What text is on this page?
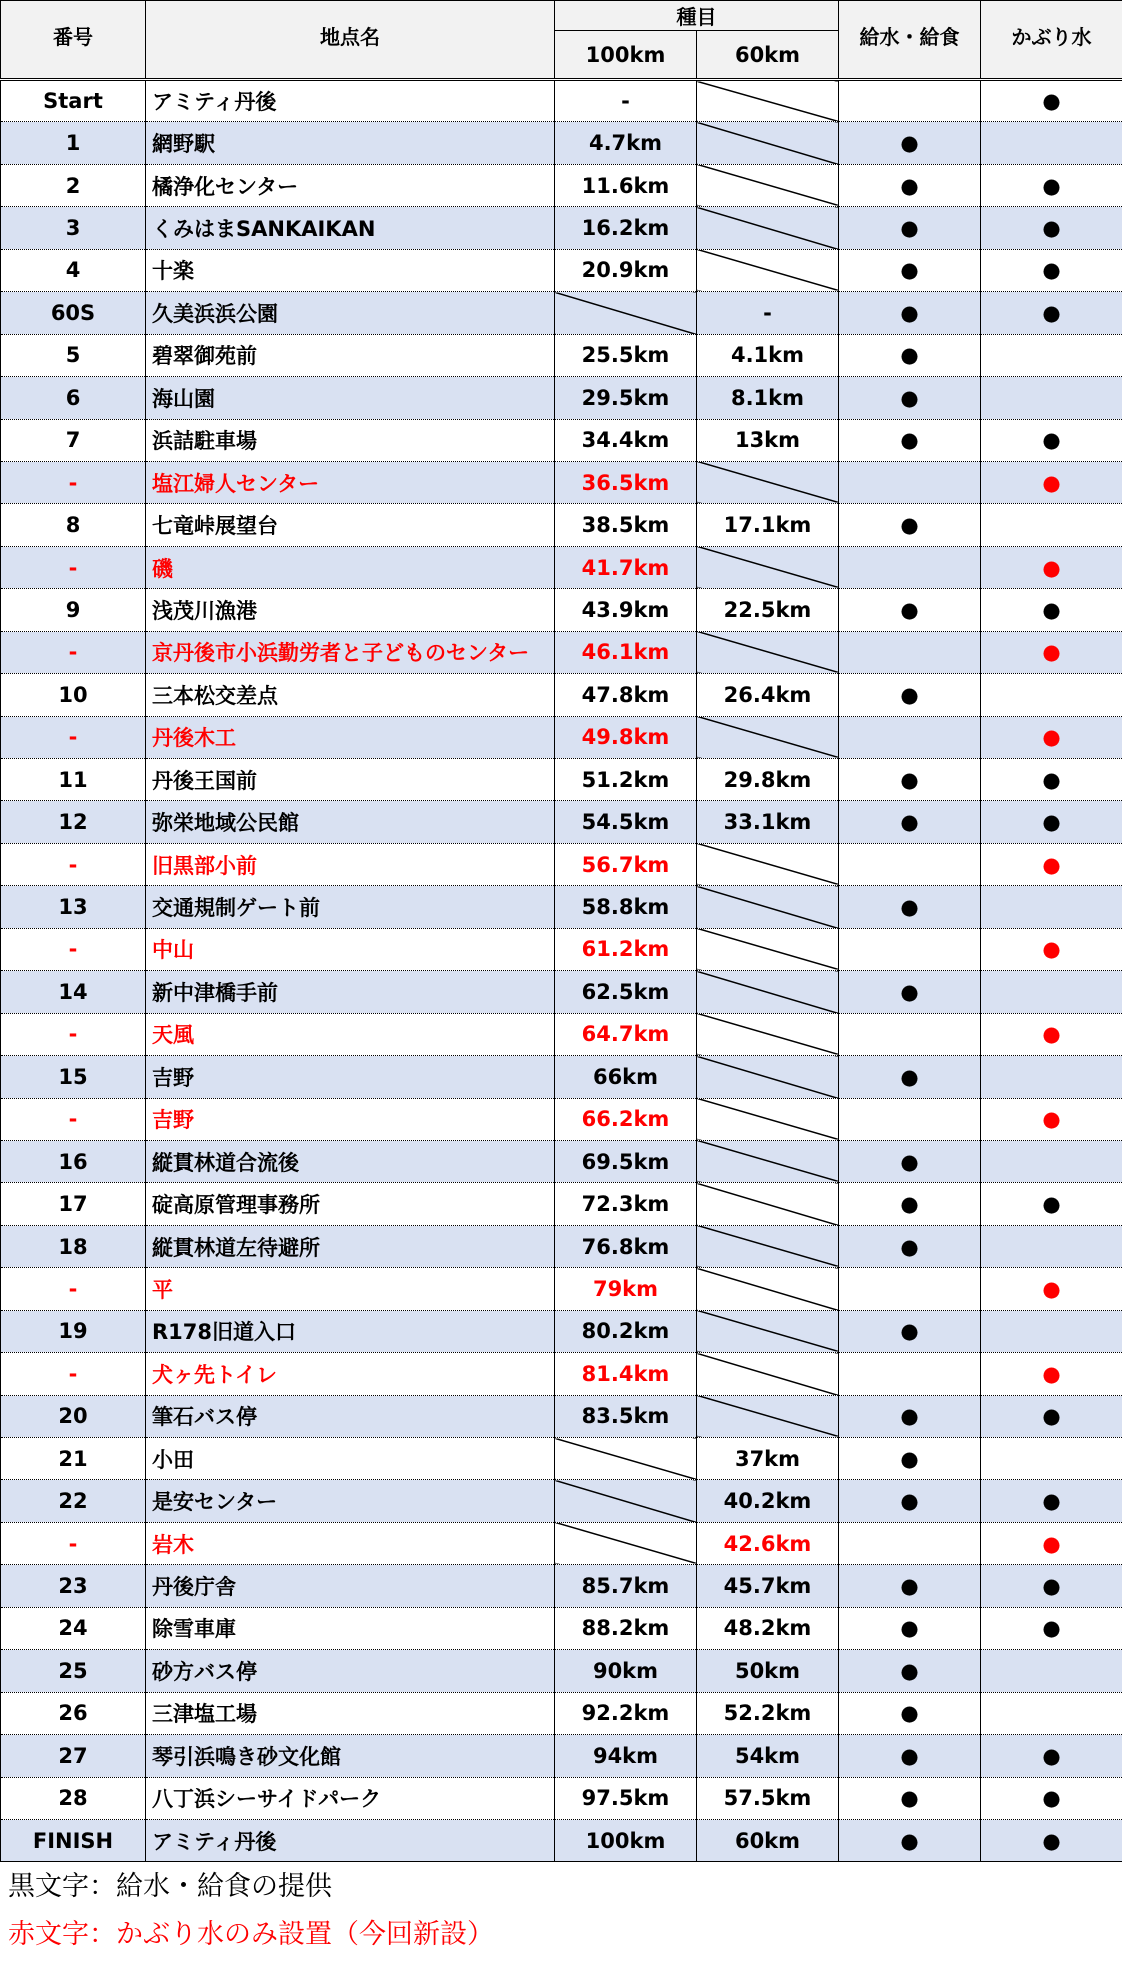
番号	地点名	種目		給水・給食	かぶり水
		100km	60km		
Start	アミティ丹後	-			●
1	網野駅	4.7km		●	
2	橘浄化センター	11.6km		●	●
3	くみはまSANKAIKAN	16.2km		●	●
4	十楽	20.9km		●	●
60S	久美浜浜公園		-	●	●
5	碧翠御苑前	25.5km	4.1km	●	
6	海山園	29.5km	8.1km	●	
7	浜詰駐車場	34.4km	13km	●	●
-	塩江婦人センター	36.5km			●
8	七竜峠展望台	38.5km	17.1km	●	
-	磯	41.7km			●
9	浅茂川漁港	43.9km	22.5km	●	●
-	京丹後市小浜勤労者と子どものセンター	46.1km			●
10	三本松交差点	47.8km	26.4km	●	
-	丹後木工	49.8km			●
11	丹後王国前	51.2km	29.8km	●	●
12	弥栄地域公民館	54.5km	33.1km	●	●
-	旧黒部小前	56.7km			●
13	交通規制ゲート前	58.8km		●	
-	中山	61.2km			●
14	新中津橋手前	62.5km		●	
-	天風	64.7km			●
15	吉野	66km		●	
-	吉野	66.2km			●
16	縦貫林道合流後	69.5km		●	
17	碇高原管理事務所	72.3km		●	●
18	縦貫林道左待避所	76.8km		●	
-	平	79km			●
19	R178旧道入口	80.2km		●	
-	犬ヶ先トイレ	81.4km			●
20	筆石バス停	83.5km		●	●
21	小田		37km	●	
22	是安センター		40.2km	●	●
-	岩木		42.6km		●
23	丹後庁舎	85.7km	45.7km	●	●
24	除雪車庫	88.2km	48.2km	●	●
25	砂方バス停	90km	50km	●	
26	三津塩工場	92.2km	52.2km	●	
27	琴引浜鳴き砂文化館	94km	54km	●	●
28	八丁浜シーサイドパーク	97.5km	57.5km	●	●
FINISH	アミティ丹後	100km	60km	●	●
黒文字：給水・給食の提供
赤文字：かぶり水のみ設置（今回新設）
